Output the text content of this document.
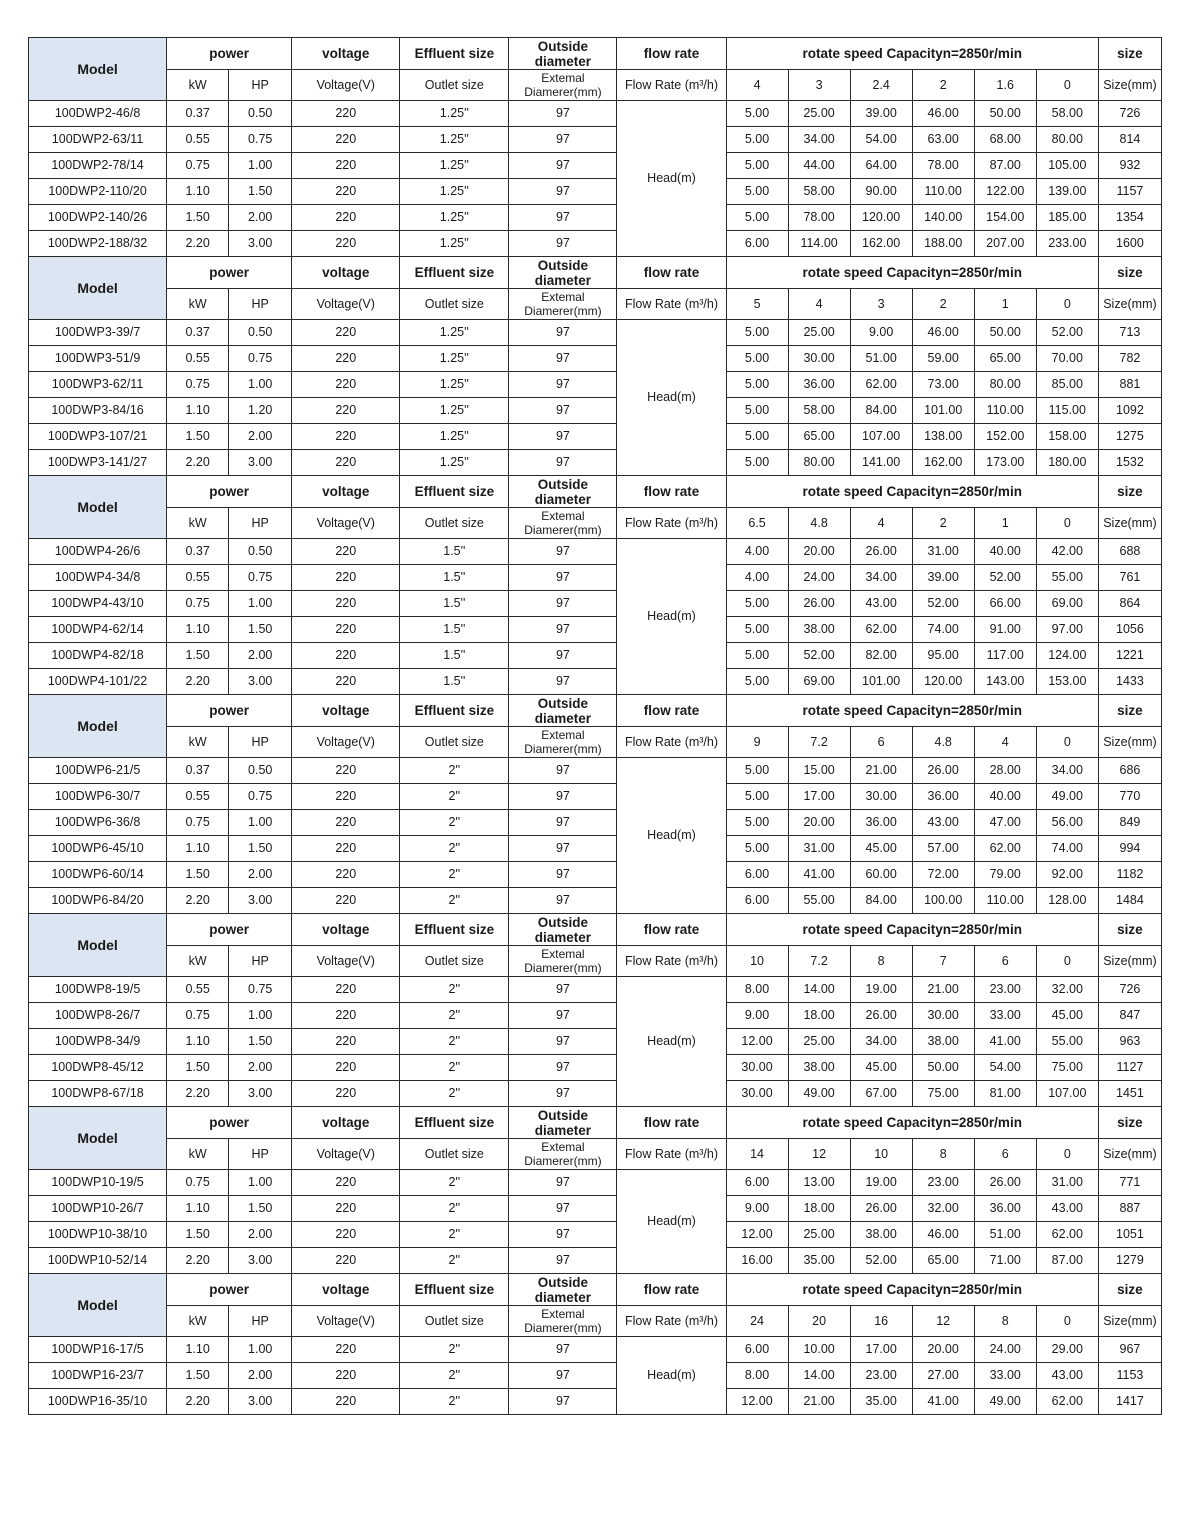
Model	power		voltage	Effluent size	Outside diameter	flow rate	rotate speed Capacityn=2850r/min						size
	kW	HP	Voltage(V)	Outlet size	Extemal Diamerer(mm)	Flow Rate (m³/h)	4	3	2.4	2	1.6	0	Size(mm)
100DWP2-46/8	0.37	0.50	220	1.25''	97	Head(m)	5.00	25.00	39.00	46.00	50.00	58.00	726
100DWP2-63/11	0.55	0.75	220	1.25''	97		5.00	34.00	54.00	63.00	68.00	80.00	814
100DWP2-78/14	0.75	1.00	220	1.25''	97		5.00	44.00	64.00	78.00	87.00	105.00	932
100DWP2-110/20	1.10	1.50	220	1.25''	97		5.00	58.00	90.00	110.00	122.00	139.00	1157
100DWP2-140/26	1.50	2.00	220	1.25''	97		5.00	78.00	120.00	140.00	154.00	185.00	1354
100DWP2-188/32	2.20	3.00	220	1.25''	97		6.00	114.00	162.00	188.00	207.00	233.00	1600
Model	power		voltage	Effluent size	Outside diameter	flow rate	rotate speed Capacityn=2850r/min						size
	kW	HP	Voltage(V)	Outlet size	Extemal Diamerer(mm)	Flow Rate (m³/h)	5	4	3	2	1	0	Size(mm)
100DWP3-39/7	0.37	0.50	220	1.25''	97	Head(m)	5.00	25.00	9.00	46.00	50.00	52.00	713
100DWP3-51/9	0.55	0.75	220	1.25''	97		5.00	30.00	51.00	59.00	65.00	70.00	782
100DWP3-62/11	0.75	1.00	220	1.25''	97		5.00	36.00	62.00	73.00	80.00	85.00	881
100DWP3-84/16	1.10	1.20	220	1.25''	97		5.00	58.00	84.00	101.00	110.00	115.00	1092
100DWP3-107/21	1.50	2.00	220	1.25''	97		5.00	65.00	107.00	138.00	152.00	158.00	1275
100DWP3-141/27	2.20	3.00	220	1.25''	97		5.00	80.00	141.00	162.00	173.00	180.00	1532
Model	power		voltage	Effluent size	Outside diameter	flow rate	rotate speed Capacityn=2850r/min						size
	kW	HP	Voltage(V)	Outlet size	Extemal Diamerer(mm)	Flow Rate (m³/h)	6.5	4.8	4	2	1	0	Size(mm)
100DWP4-26/6	0.37	0.50	220	1.5''	97	Head(m)	4.00	20.00	26.00	31.00	40.00	42.00	688
100DWP4-34/8	0.55	0.75	220	1.5''	97		4.00	24.00	34.00	39.00	52.00	55.00	761
100DWP4-43/10	0.75	1.00	220	1.5''	97		5.00	26.00	43.00	52.00	66.00	69.00	864
100DWP4-62/14	1.10	1.50	220	1.5''	97		5.00	38.00	62.00	74.00	91.00	97.00	1056
100DWP4-82/18	1.50	2.00	220	1.5''	97		5.00	52.00	82.00	95.00	117.00	124.00	1221
100DWP4-101/22	2.20	3.00	220	1.5''	97		5.00	69.00	101.00	120.00	143.00	153.00	1433
Model	power		voltage	Effluent size	Outside diameter	flow rate	rotate speed Capacityn=2850r/min						size
	kW	HP	Voltage(V)	Outlet size	Extemal Diamerer(mm)	Flow Rate (m³/h)	9	7.2	6	4.8	4	0	Size(mm)
100DWP6-21/5	0.37	0.50	220	2''	97	Head(m)	5.00	15.00	21.00	26.00	28.00	34.00	686
100DWP6-30/7	0.55	0.75	220	2''	97		5.00	17.00	30.00	36.00	40.00	49.00	770
100DWP6-36/8	0.75	1.00	220	2''	97		5.00	20.00	36.00	43.00	47.00	56.00	849
100DWP6-45/10	1.10	1.50	220	2''	97		5.00	31.00	45.00	57.00	62.00	74.00	994
100DWP6-60/14	1.50	2.00	220	2''	97		6.00	41.00	60.00	72.00	79.00	92.00	1182
100DWP6-84/20	2.20	3.00	220	2''	97		6.00	55.00	84.00	100.00	110.00	128.00	1484
Model	power		voltage	Effluent size	Outside diameter	flow rate	rotate speed Capacityn=2850r/min						size
	kW	HP	Voltage(V)	Outlet size	Extemal Diamerer(mm)	Flow Rate (m³/h)	10	7.2	8	7	6	0	Size(mm)
100DWP8-19/5	0.55	0.75	220	2''	97	Head(m)	8.00	14.00	19.00	21.00	23.00	32.00	726
100DWP8-26/7	0.75	1.00	220	2''	97		9.00	18.00	26.00	30.00	33.00	45.00	847
100DWP8-34/9	1.10	1.50	220	2''	97		12.00	25.00	34.00	38.00	41.00	55.00	963
100DWP8-45/12	1.50	2.00	220	2''	97		30.00	38.00	45.00	50.00	54.00	75.00	1127
100DWP8-67/18	2.20	3.00	220	2''	97		30.00	49.00	67.00	75.00	81.00	107.00	1451
Model	power		voltage	Effluent size	Outside diameter	flow rate	rotate speed Capacityn=2850r/min						size
	kW	HP	Voltage(V)	Outlet size	Extemal Diamerer(mm)	Flow Rate (m³/h)	14	12	10	8	6	0	Size(mm)
100DWP10-19/5	0.75	1.00	220	2''	97	Head(m)	6.00	13.00	19.00	23.00	26.00	31.00	771
100DWP10-26/7	1.10	1.50	220	2''	97		9.00	18.00	26.00	32.00	36.00	43.00	887
100DWP10-38/10	1.50	2.00	220	2''	97		12.00	25.00	38.00	46.00	51.00	62.00	1051
100DWP10-52/14	2.20	3.00	220	2''	97		16.00	35.00	52.00	65.00	71.00	87.00	1279
Model	power		voltage	Effluent size	Outside diameter	flow rate	rotate speed Capacityn=2850r/min						size
	kW	HP	Voltage(V)	Outlet size	Extemal Diamerer(mm)	Flow Rate (m³/h)	24	20	16	12	8	0	Size(mm)
100DWP16-17/5	1.10	1.00	220	2''	97	Head(m)	6.00	10.00	17.00	20.00	24.00	29.00	967
100DWP16-23/7	1.50	2.00	220	2''	97		8.00	14.00	23.00	27.00	33.00	43.00	1153
100DWP16-35/10	2.20	3.00	220	2''	97		12.00	21.00	35.00	41.00	49.00	62.00	1417
